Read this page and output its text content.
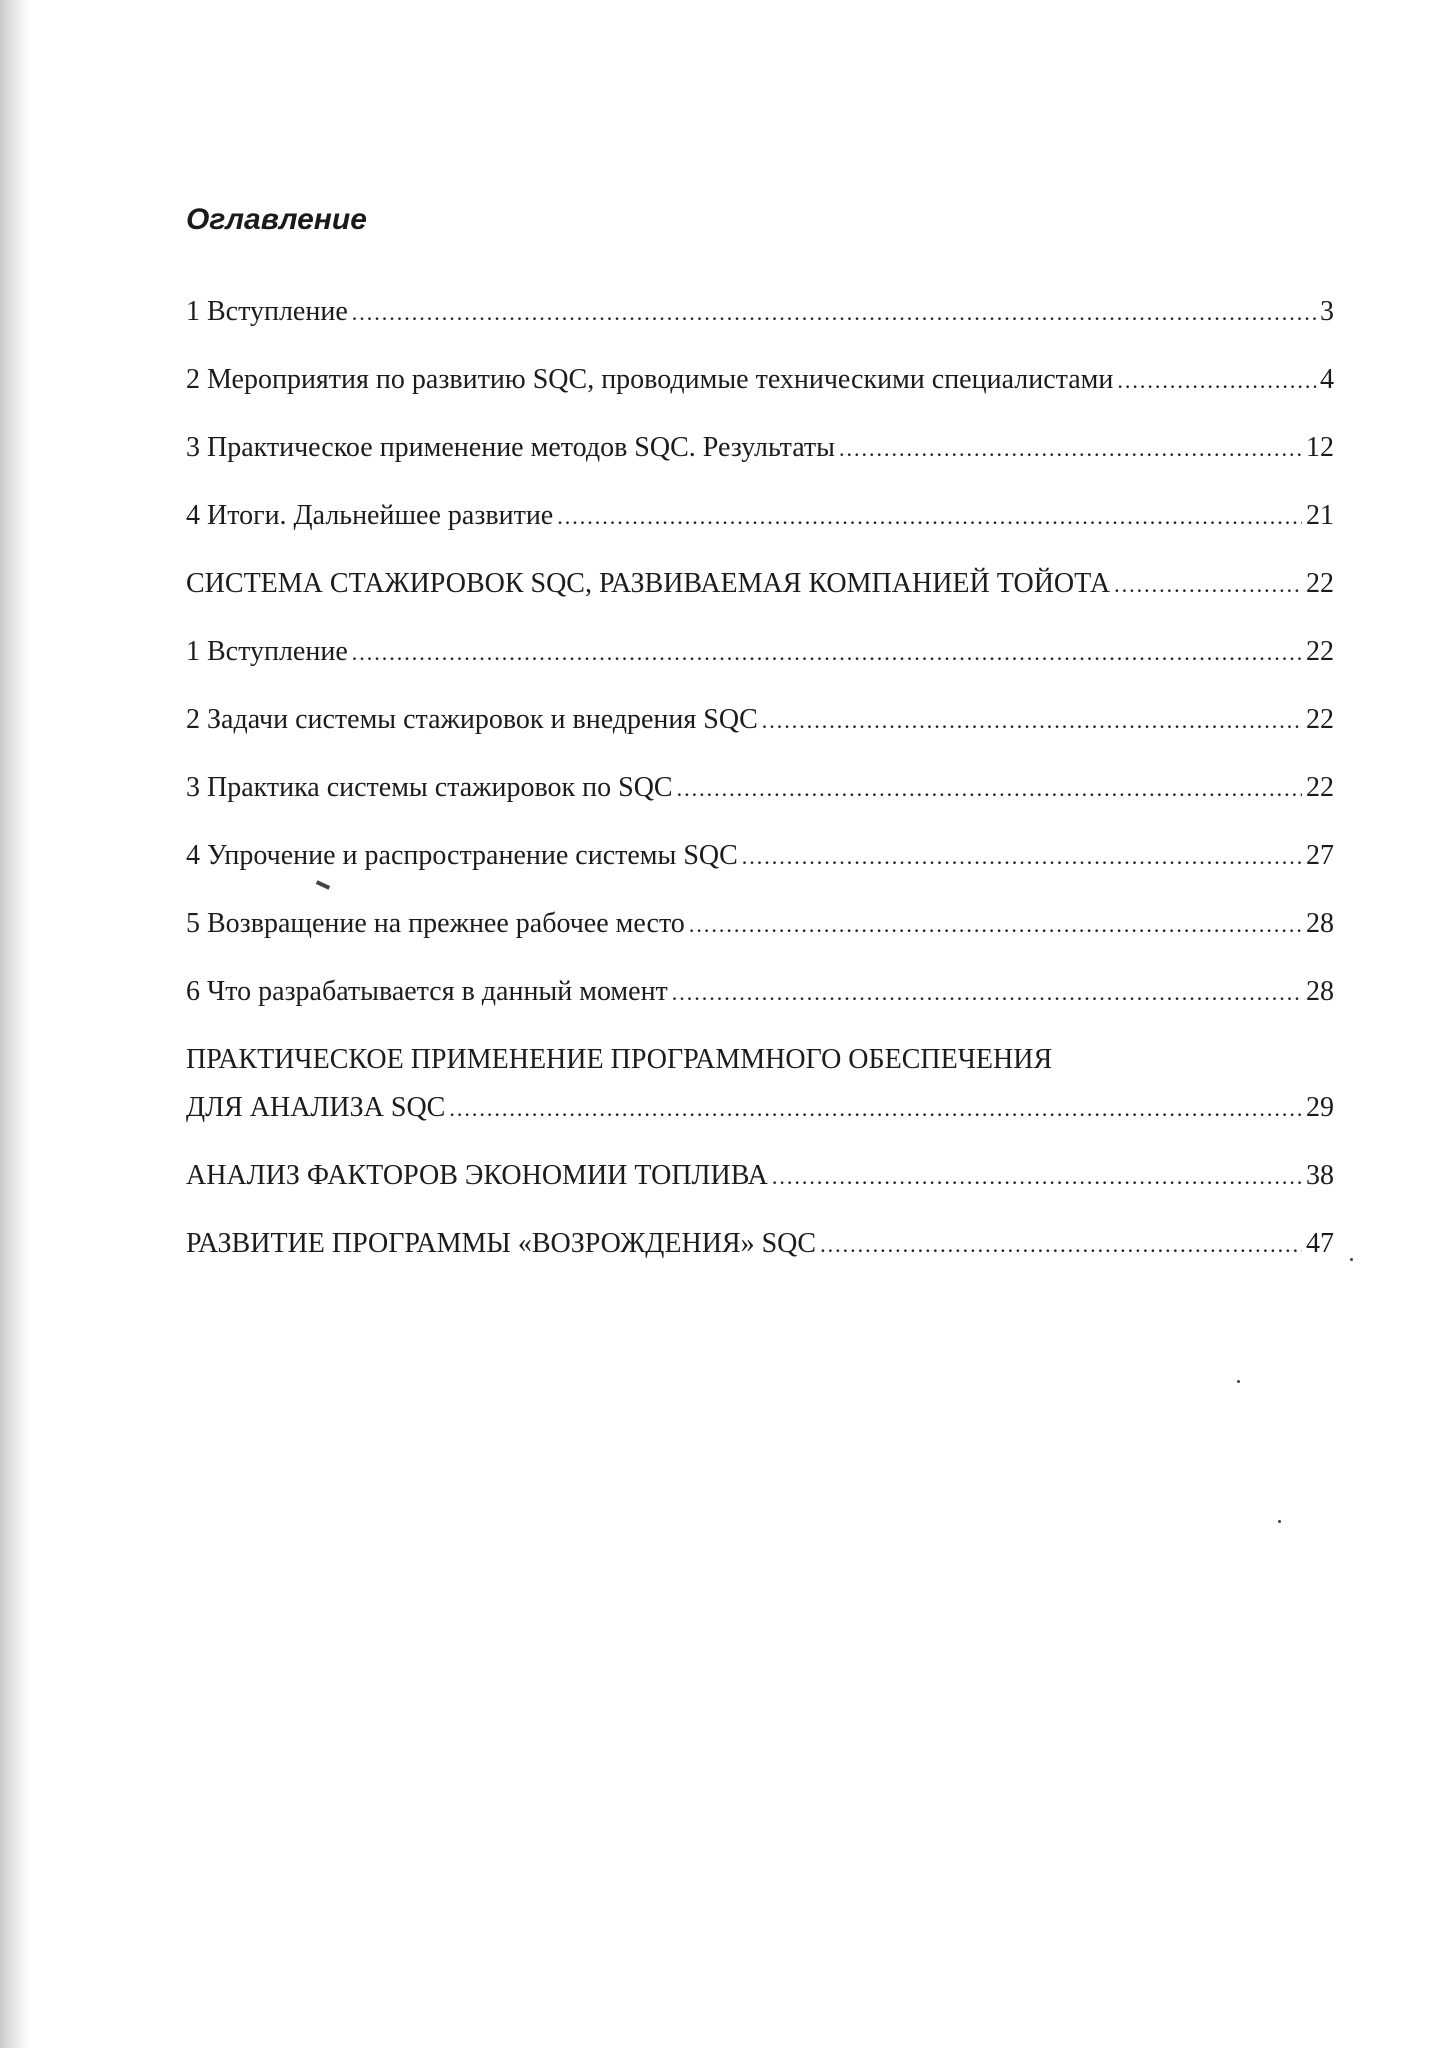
Оглавление
1 Вступление .....	3
2 Мероприятия по развитию SQC, проводимые техническими специалистами .....	4
3 Практическое применение методов SQC. Результаты .....	12
4 Итоги. Дальнейшее развитие .....	21
СИСТЕМА СТАЖИРОВОК SQC, РАЗВИВАЕМАЯ КОМПАНИЕЙ ТОЙОТА .....	22
1 Вступление .....	22
2 Задачи системы стажировок и внедрения SQC .....	22
3 Практика системы стажировок по SQC .....	22
4 Упрочение и распространение системы SQC .....	27
5 Возвращение на прежнее рабочее место .....	28
6 Что разрабатывается в данный момент .....	28
ПРАКТИЧЕСКОЕ ПРИМЕНЕНИЕ ПРОГРАММНОГО ОБЕСПЕЧЕНИЯ
ДЛЯ АНАЛИЗА SQC .....	29
АНАЛИЗ ФАКТОРОВ ЭКОНОМИИ ТОПЛИВА .....	38
РАЗВИТИЕ ПРОГРАММЫ «ВОЗРОЖДЕНИЯ» SQC .....	47
